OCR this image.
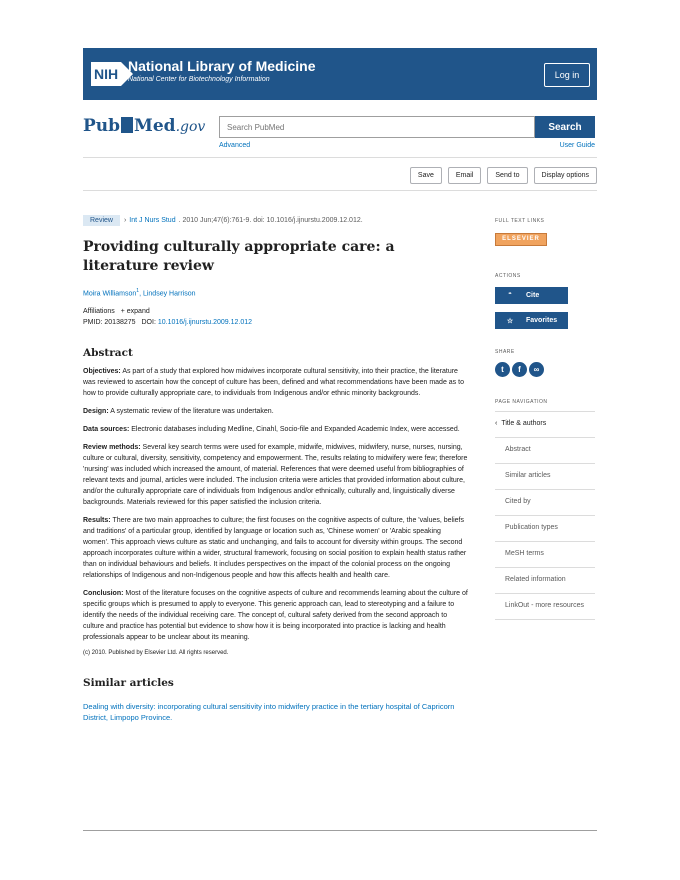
NIH National Library of Medicine
National Center for Biotechnology Information	Log in
Pub Med.gov
Search PubMed	Search
Advanced	User Guide
Save	Email	Send to	Display options
Review	› Int J Nurs Stud . 2010 Jun;47(6):761-9. doi: 10.1016/j.ijnurstu.2009.12.012.
Providing culturally appropriate care: a literature review
Moira Williamson$^1$, Lindsey Harrison
Affiliations + expand
PMID: 20138275 DOI: 10.1016/j.ijnurstu.2009.12.012
Abstract

Objectives: As part of a study that explored how midwives incorporate cultural sensitivity, into their practice, the literature was reviewed to ascertain how the concept of culture has been, defined and what recommendations have been made as to how to provide culturally appropriate care, to individuals from Indigenous and/or ethnic minority backgrounds.

Design: A systematic review of the literature was undertaken.

Data sources: Electronic databases including Medline, Cinahl, Socio-file and Expanded Academic Index, were accessed.

Review methods: Several key search terms were used for example, midwife, midwives, midwifery, nurse, nurses, nursing, culture or cultural, diversity, sensitivity, competency and empowerment. The, results relating to midwifery were few; therefore 'nursing' was included which increased the amount, of material. References that were deemed useful from bibliographies of relevant texts and journal, articles were included. The inclusion criteria were articles that provided information about culture, and/or the culturally appropriate care of individuals from Indigenous and/or ethnically, culturally and, linguistically diverse backgrounds. Materials reviewed for this paper satisfied the inclusion criteria.

Results: There are two main approaches to culture; the first focuses on the cognitive aspects of culture, the 'values, beliefs and traditions' of a particular group, identified by language or location such as, 'Chinese women' or 'Arabic speaking women'. This approach views culture as static and unchanging, and fails to account for diversity within groups. The second approach incorporates culture within a wider, structural framework, focusing on social position to explain health status rather than on individual behaviours and beliefs. It includes perspectives on the impact of the colonial process on the ongoing relationships of Indigenous and non-Indigenous people and how this affects health and health care.

Conclusion: Most of the literature focuses on the cognitive aspects of culture and recommends learning about the culture of specific groups which is presumed to apply to everyone. This generic approach can, lead to stereotyping and a failure to identify the needs of the individual receiving care. The concept of, cultural safety derived from the second approach to culture and practice has potential but evidence to show how it is being incorporated into practice is lacking and health professionals appear to be unclear about its meaning.

(c) 2010. Published by Elsevier Ltd. All rights reserved.

Similar articles

Dealing with diversity: incorporating cultural sensitivity into midwifery practice in the tertiary hospital of Capricorn District, Limpopo Province.

FULL TEXT LINKS
ELSEVIER
ACTIONS
“	Cite
☆	Favorites
SHARE
t	f	∞
PAGE NAVIGATION
‹ Title & authors
Abstract
Similar articles
Cited by
Publication types
MeSH terms
Related information
LinkOut - more resources
